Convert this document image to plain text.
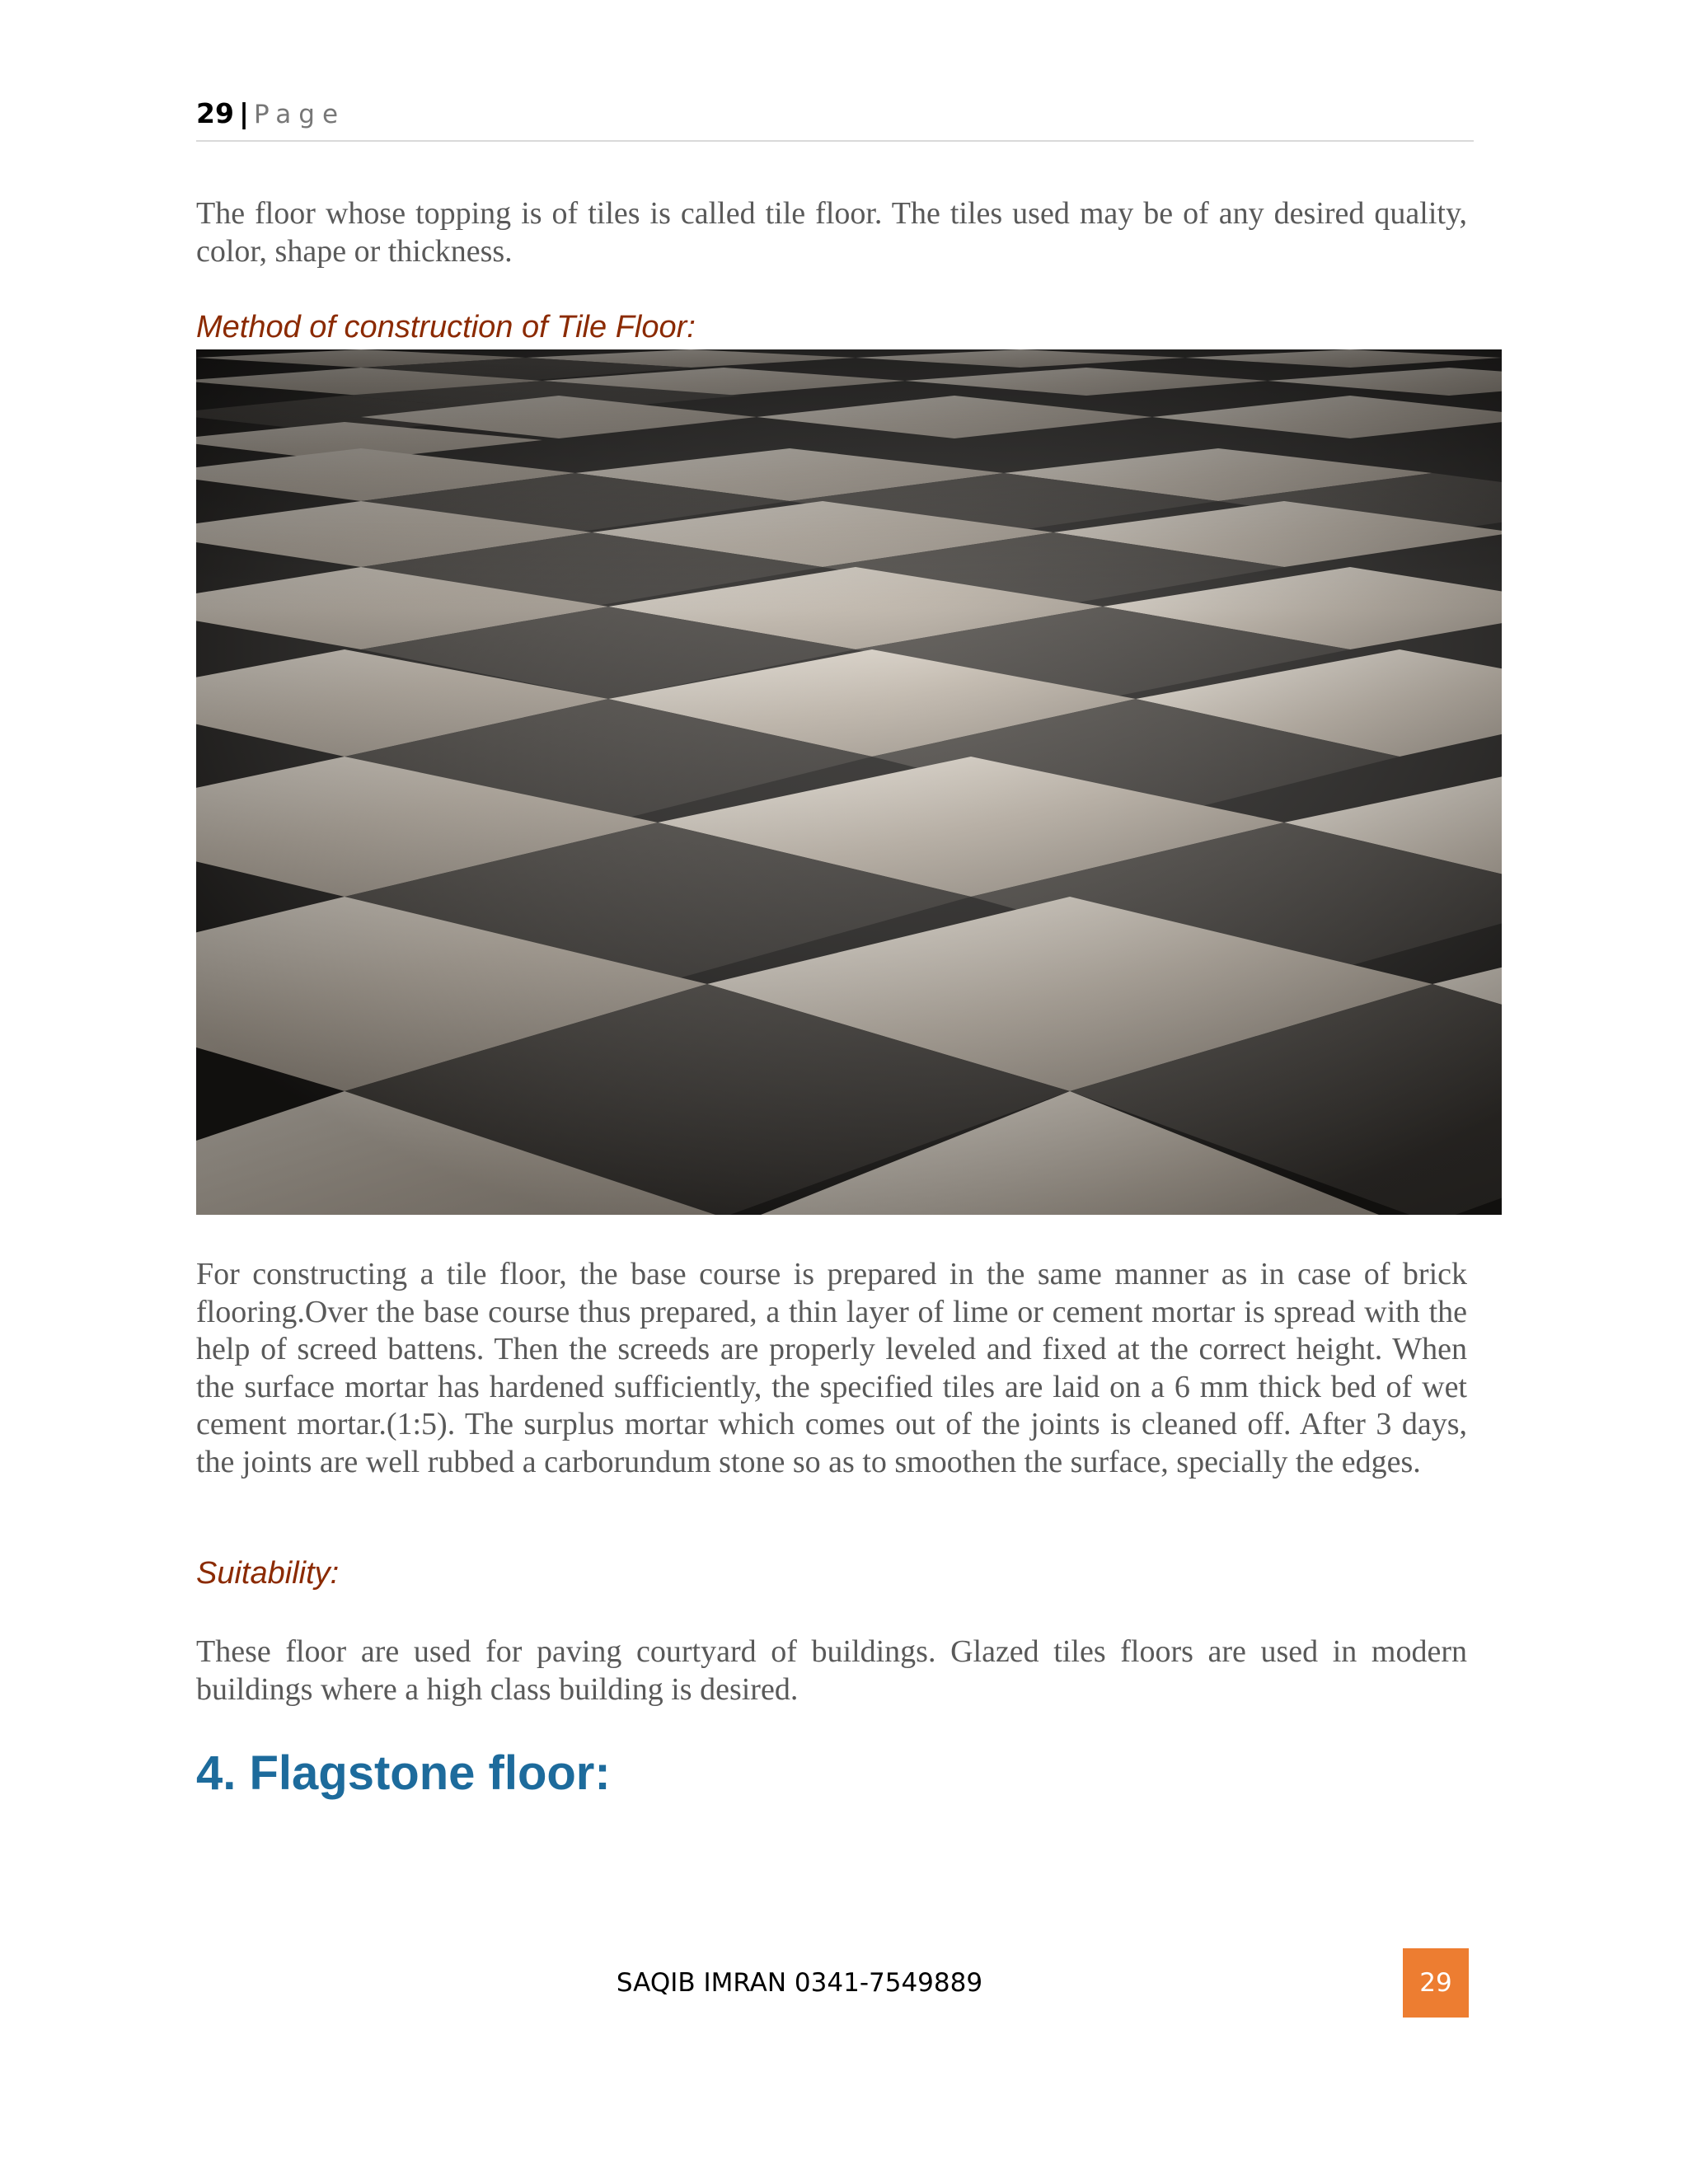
29 | Page

The floor whose topping is of tiles is called tile floor. The tiles used may be of any desired quality, color, shape or thickness.

Method of construction of Tile Floor:

For constructing a tile floor, the base course is prepared in the same manner as in case of brick flooring.Over the base course thus prepared, a thin layer of lime or cement mortar is spread with the help of screed battens. Then the screeds are properly leveled and fixed at the correct height. When the surface mortar has hardened sufficiently, the specified tiles are laid on a 6 mm thick bed of wet cement mortar.(1:5). The surplus mortar which comes out of the joints is cleaned off. After 3 days, the joints are well rubbed a carborundum stone so as to smoothen the surface, specially the edges.

Suitability:

These floor are used for paving courtyard of buildings. Glazed tiles floors are used in modern buildings where a high class building is desired.

4. Flagstone floor:
SAQIB IMRAN 0341-7549889	29
